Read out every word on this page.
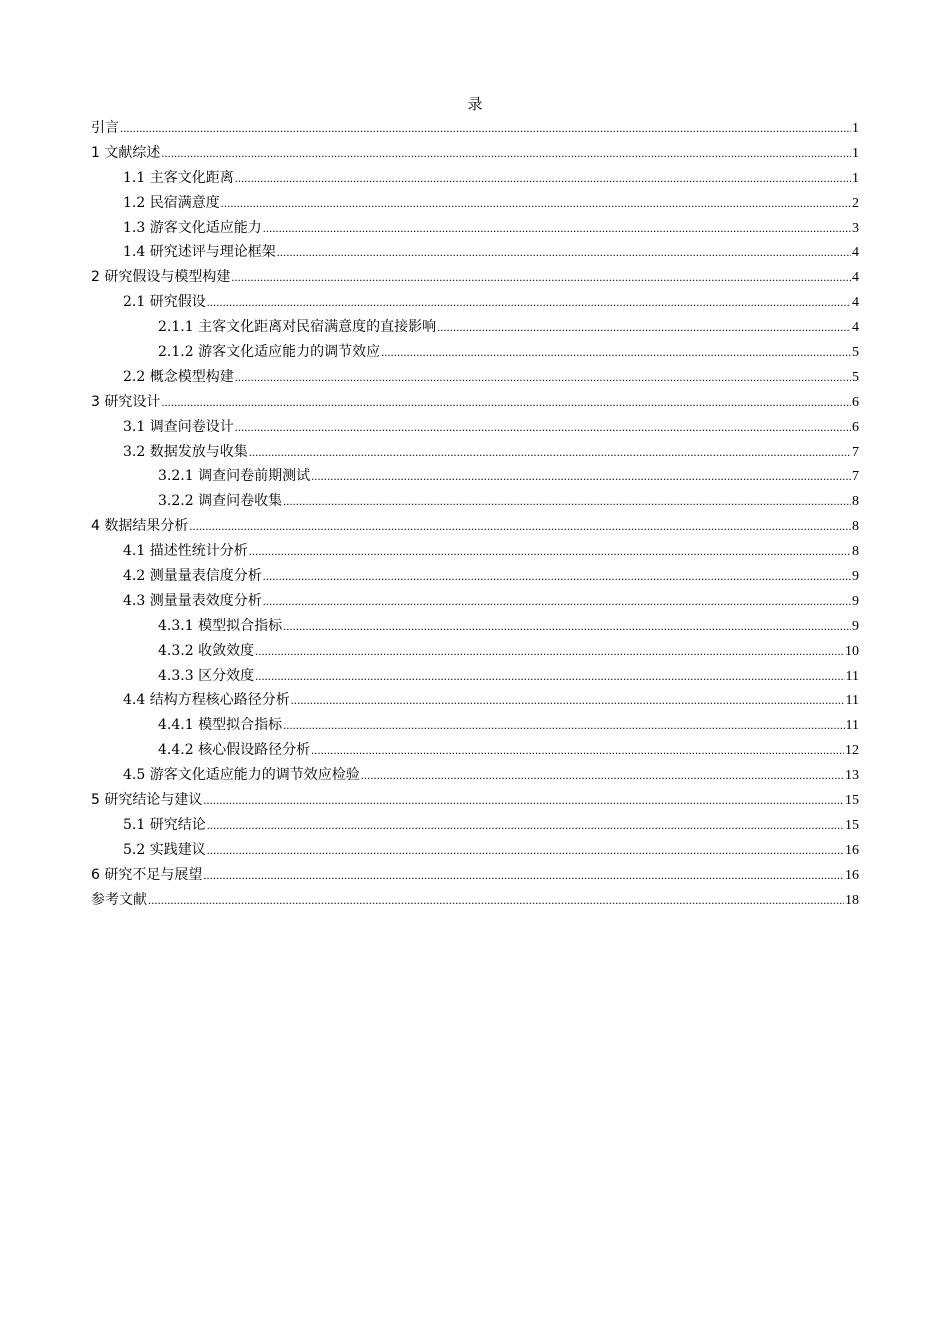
录
引言 .....	1
1 文献综述 .....	1
1.1 主客文化距离 .....	1
1.2 民宿满意度 .....	2
1.3 游客文化适应能力 .....	3
1.4 研究述评与理论框架 .....	4
2 研究假设与模型构建 .....	4
2.1 研究假设 .....	4
2.1.1 主客文化距离对民宿满意度的直接影响 .....	4
2.1.2 游客文化适应能力的调节效应 .....	5
2.2 概念模型构建 .....	5
3 研究设计 .....	6
3.1 调查问卷设计 .....	6
3.2 数据发放与收集 .....	7
3.2.1 调查问卷前期测试 .....	7
3.2.2 调查问卷收集 .....	8
4 数据结果分析 .....	8
4.1 描述性统计分析 .....	8
4.2 测量量表信度分析 .....	9
4.3 测量量表效度分析 .....	9
4.3.1 模型拟合指标 .....	9
4.3.2 收敛效度 .....	10
4.3.3 区分效度 .....	11
4.4 结构方程核心路径分析 .....	11
4.4.1 模型拟合指标 .....	11
4.4.2 核心假设路径分析 .....	12
4.5 游客文化适应能力的调节效应检验 .....	13
5 研究结论与建议 .....	15
5.1 研究结论 .....	15
5.2 实践建议 .....	16
6 研究不足与展望 .....	16
参考文献 .....	18
